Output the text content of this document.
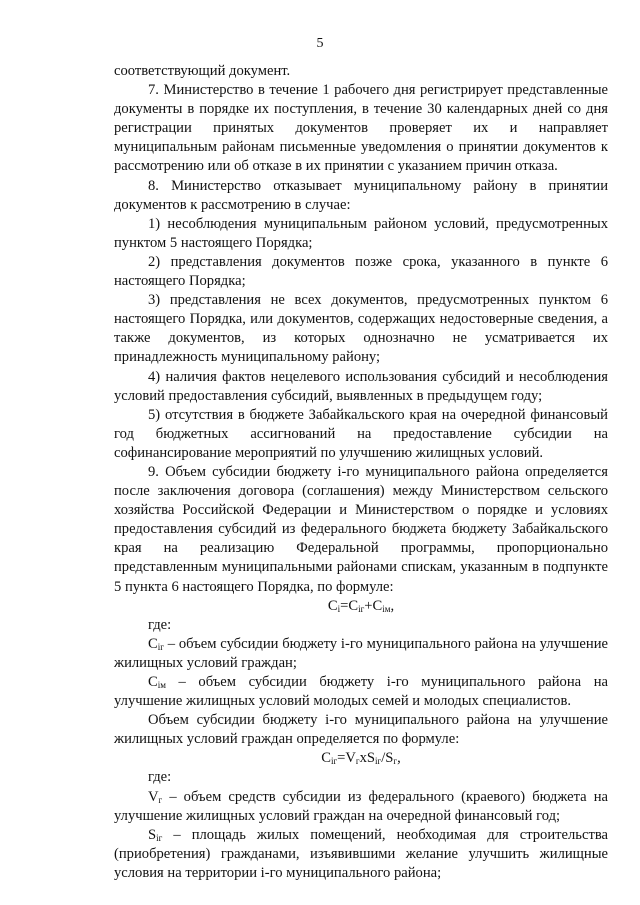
5

соответствующий документ.

7. Министерство в течение 1 рабочего дня регистрирует представленные документы в порядке их поступления, в течение 30 календарных дней со дня регистрации принятых документов проверяет их и направляет муниципальным районам письменные уведомления о принятии документов к рассмотрению или об отказе в их принятии с указанием причин отказа.

8. Министерство отказывает муниципальному району в принятии документов к рассмотрению в случае:

1) несоблюдения муниципальным районом условий, предусмотренных пунктом 5 настоящего Порядка;

2) представления документов позже срока, указанного в пункте 6 настоящего Порядка;

3) представления не всех документов, предусмотренных пунктом 6 настоящего Порядка, или документов, содержащих недостоверные сведения, а также документов, из которых однозначно не усматривается их принадлежность муниципальному району;

4) наличия фактов нецелевого использования субсидий и несоблюдения условий предоставления субсидий, выявленных в предыдущем году;

5) отсутствия в бюджете Забайкальского края на очередной финансовый год бюджетных ассигнований на предоставление субсидии на софинансирование мероприятий по улучшению жилищных условий.

9. Объем субсидии бюджету i-го муниципального района определяется после заключения договора (соглашения) между Министерством сельского хозяйства Российской Федерации и Министерством о порядке и условиях предоставления субсидий из федерального бюджета бюджету Забайкальского края на реализацию Федеральной программы, пропорционально представленным муниципальными районами спискам, указанным в подпункте 5 пункта 6 настоящего Порядка, по формуле:

$C_i=C_{iг}+C_{iм}$,

где:

$C_{iг}$ – объем субсидии бюджету i-го муниципального района на улучшение жилищных условий граждан;

$C_{iм}$ – объем субсидии бюджету i-го муниципального района на улучшение жилищных условий молодых семей и молодых специалистов.

Объем субсидии бюджету i-го муниципального района на улучшение жилищных условий граждан определяется по формуле:

$C_{iг}=V_гxS_{iг}/S_г$,

где:

$V_г$ – объем средств субсидии из федерального (краевого) бюджета на улучшение жилищных условий граждан на очередной финансовый год;

$S_{iг}$ – площадь жилых помещений, необходимая для строительства (приобретения) гражданами, изъявившими желание улучшить жилищные условия на территории i-го муниципального района;
